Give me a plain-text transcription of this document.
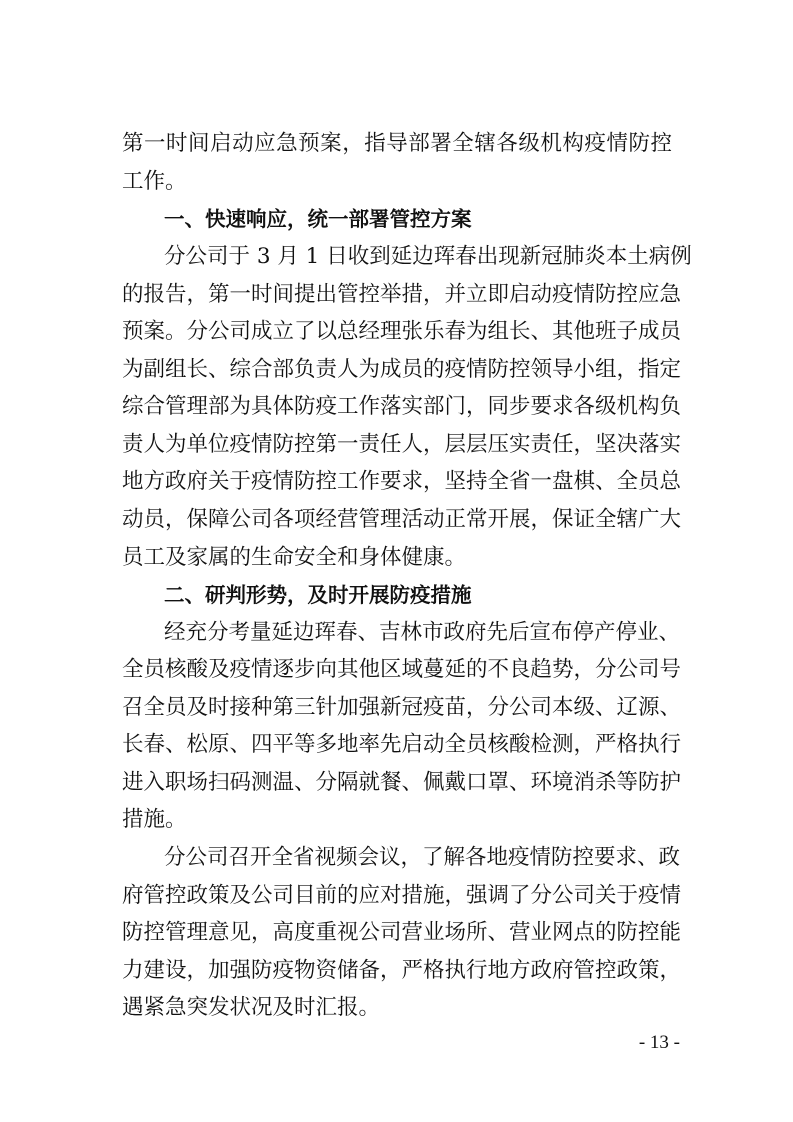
第一时间启动应急预案，指导部署全辖各级机构疫情防控
工作。
一、快速响应，统一部署管控方案
分公司于 3 月 1 日收到延边珲春出现新冠肺炎本土病例
的报告，第一时间提出管控举措，并立即启动疫情防控应急
预案。分公司成立了以总经理张乐春为组长、其他班子成员
为副组长、综合部负责人为成员的疫情防控领导小组，指定
综合管理部为具体防疫工作落实部门，同步要求各级机构负
责人为单位疫情防控第一责任人，层层压实责任，坚决落实
地方政府关于疫情防控工作要求，坚持全省一盘棋、全员总
动员，保障公司各项经营管理活动正常开展，保证全辖广大
员工及家属的生命安全和身体健康。
二、研判形势，及时开展防疫措施
经充分考量延边珲春、吉林市政府先后宣布停产停业、
全员核酸及疫情逐步向其他区域蔓延的不良趋势，分公司号
召全员及时接种第三针加强新冠疫苗，分公司本级、辽源、
长春、松原、四平等多地率先启动全员核酸检测，严格执行
进入职场扫码测温、分隔就餐、佩戴口罩、环境消杀等防护
措施。
分公司召开全省视频会议，了解各地疫情防控要求、政
府管控政策及公司目前的应对措施，强调了分公司关于疫情
防控管理意见，高度重视公司营业场所、营业网点的防控能
力建设，加强防疫物资储备，严格执行地方政府管控政策，
遇紧急突发状况及时汇报。
- 13 -
